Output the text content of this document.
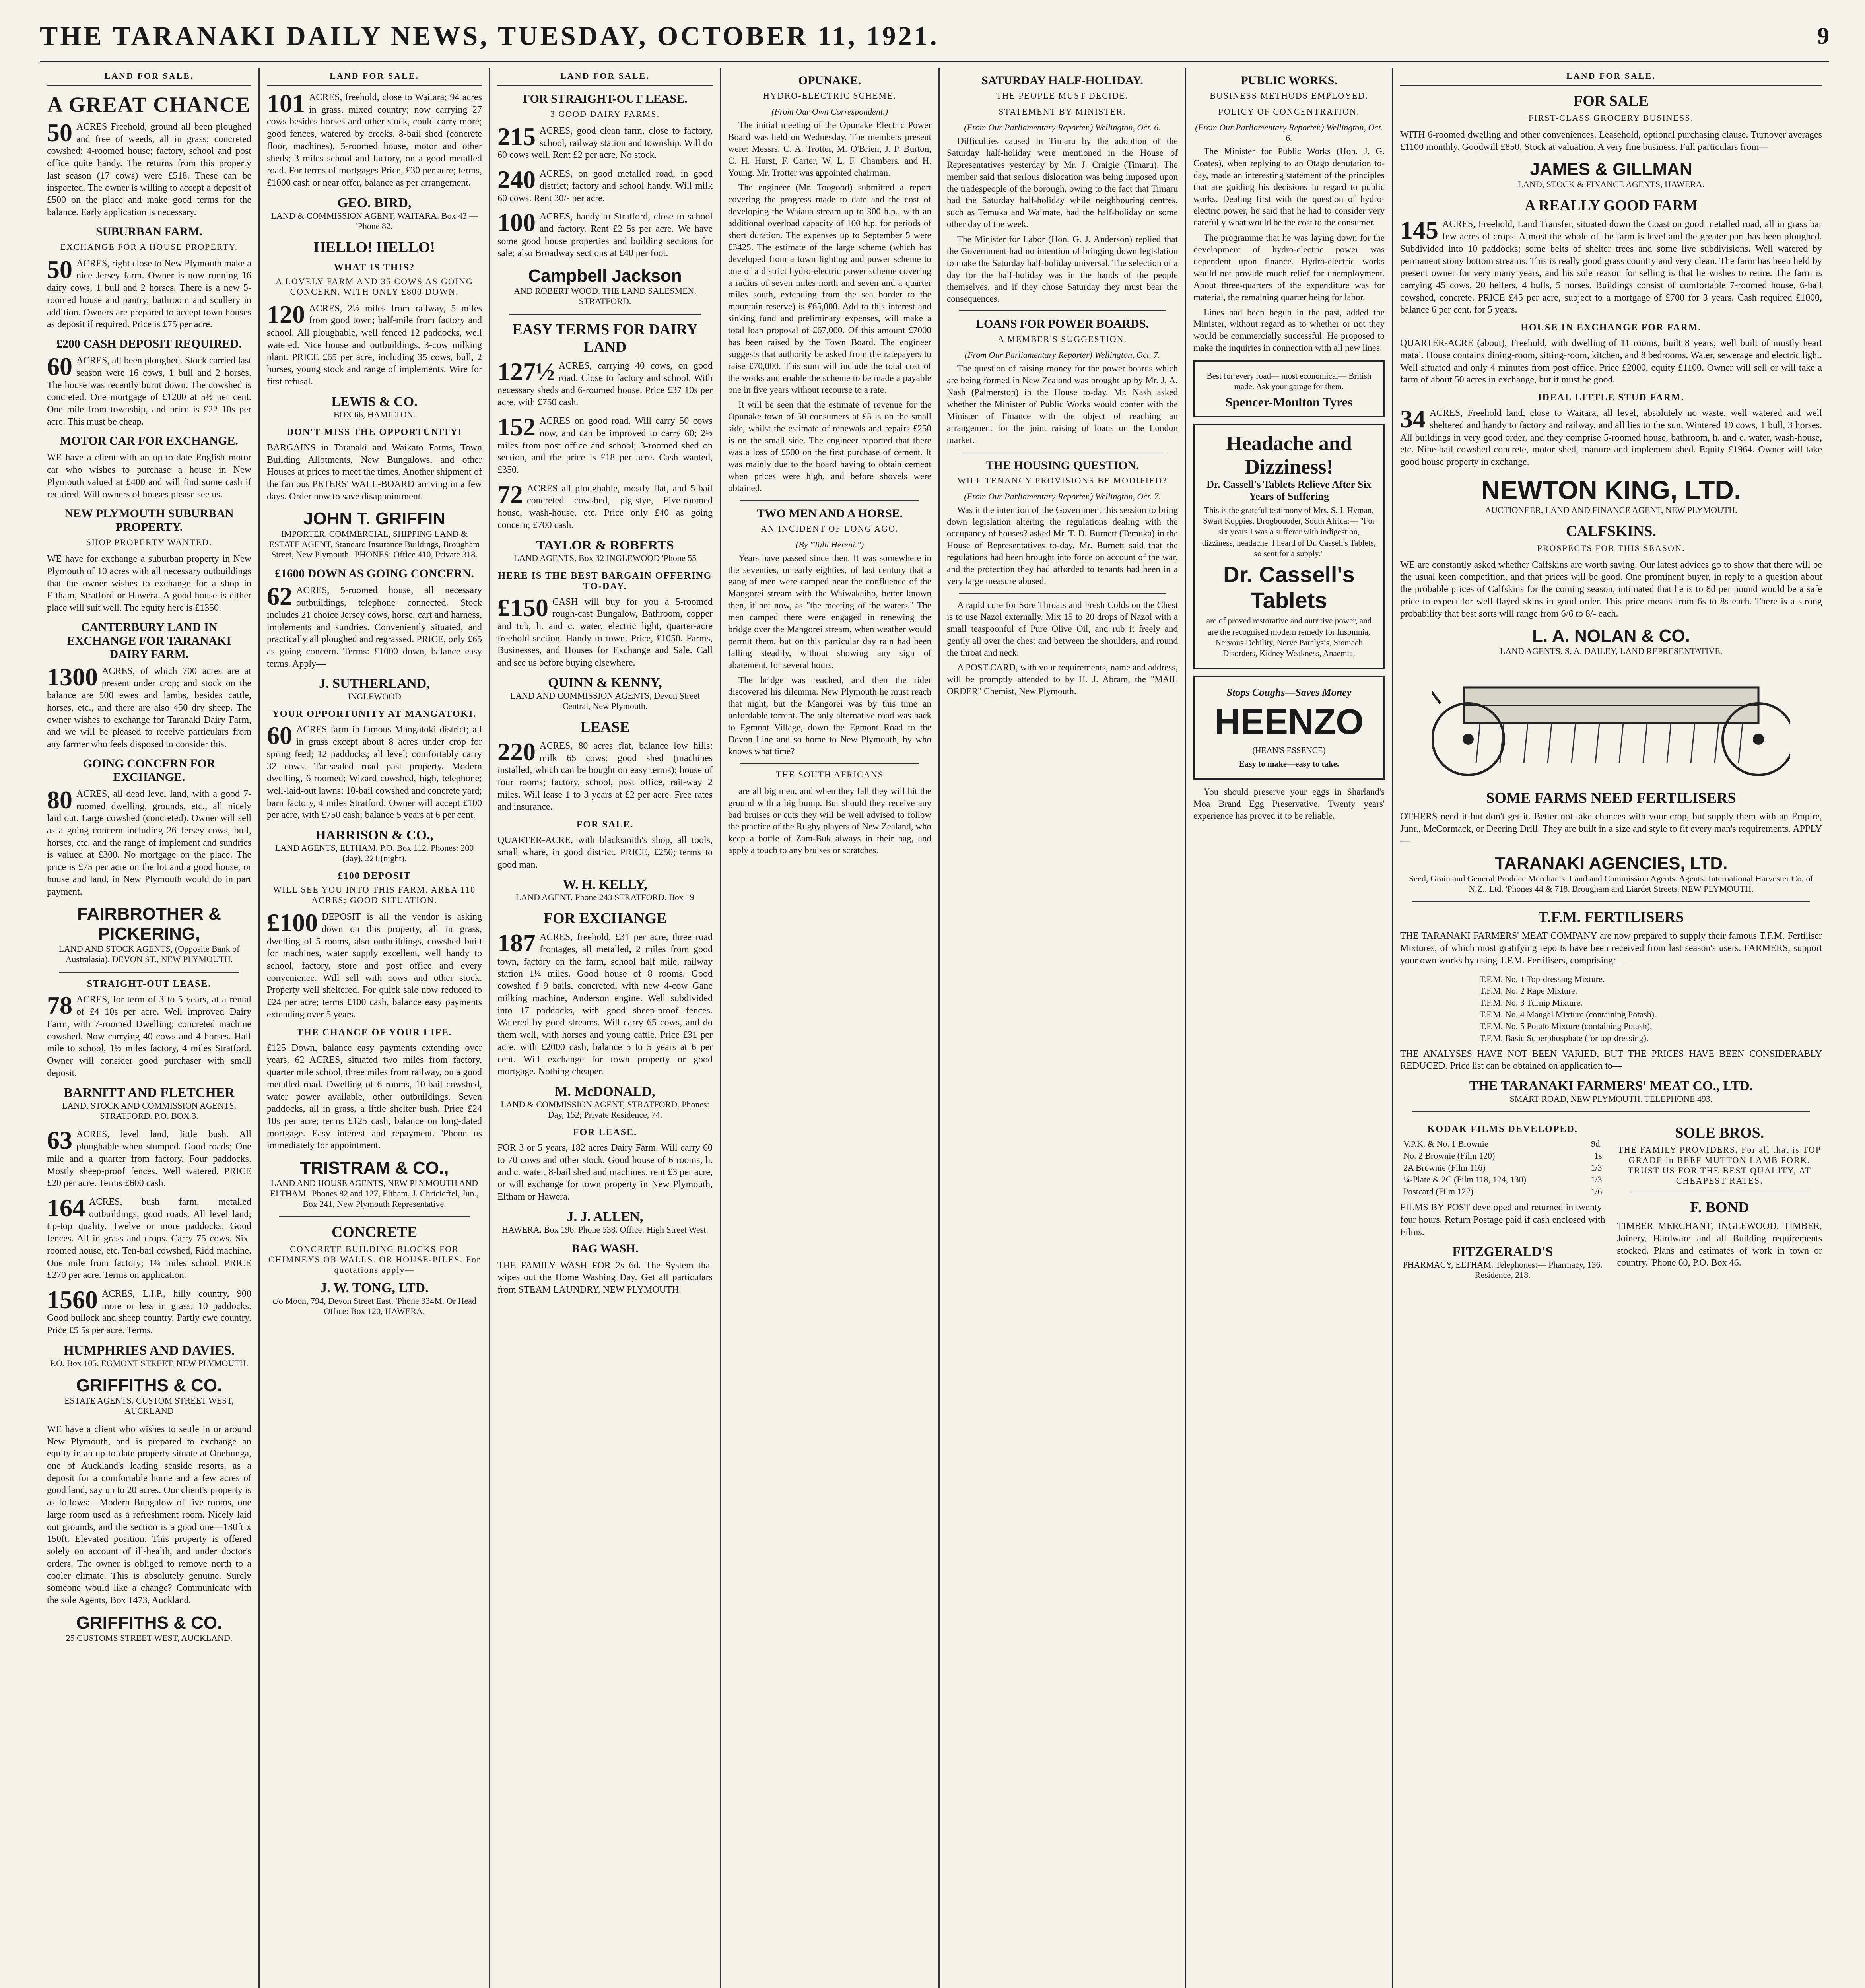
THE TARANAKI DAILY NEWS, TUESDAY, OCTOBER 11, 1921.	9
LAND FOR SALE.
A GREAT CHANCE
50 ACRES Freehold, ground all been ploughed and free of weeds, all in grass; concreted cowshed; 4-roomed house; factory, school and post office quite handy. The returns from this property last season (17 cows) were £518. These can be inspected. The owner is willing to accept a deposit of £500 on the place and make good terms for the balance. Early application is necessary.
SUBURBAN FARM.
EXCHANGE FOR A HOUSE PROPERTY.
50 ACRES, right close to New Plymouth make a nice Jersey farm. Owner is now running 16 dairy cows, 1 bull and 2 horses. There is a new 5-roomed house and pantry, bathroom and scullery in addition. Owners are prepared to accept town houses as deposit if required. Price is £75 per acre.
£200 CASH DEPOSIT REQUIRED.
60 ACRES, all been ploughed. Stock carried last season were 16 cows, 1 bull and 2 horses. The house was recently burnt down. The cowshed is concreted. One mortgage of £1200 at 5½ per cent. One mile from township, and price is £22 10s per acre. This must be cheap.
MOTOR CAR FOR EXCHANGE.
WE have a client with an up-to-date English motor car who wishes to purchase a house in New Plymouth valued at £400 and will find some cash if required. Will owners of houses please see us.
NEW PLYMOUTH SUBURBAN PROPERTY.
SHOP PROPERTY WANTED.
WE have for exchange a suburban property in New Plymouth of 10 acres with all necessary outbuildings that the owner wishes to exchange for a shop in Eltham, Stratford or Hawera. A good house is either place will suit well. The equity here is £1350.
CANTERBURY LAND IN EXCHANGE FOR TARANAKI DAIRY FARM.
1300 ACRES, of which 700 acres are at present under crop; and stock on the balance are 500 ewes and lambs, besides cattle, horses, etc., and there are also 450 dry sheep. The owner wishes to exchange for Taranaki Dairy Farm, and we will be pleased to receive particulars from any farmer who feels disposed to consider this.
GOING CONCERN FOR EXCHANGE.
80 ACRES, all dead level land, with a good 7-roomed dwelling, grounds, etc., all nicely laid out. Large cowshed (concreted). Owner will sell as a going concern including 26 Jersey cows, bull, horses, etc. and the range of implement and sundries is valued at £300. No mortgage on the place. The price is £75 per acre on the lot and a good house, or house and land, in New Plymouth would do in part payment.
FAIRBROTHER & PICKERING,
LAND AND STOCK AGENTS, (Opposite Bank of Australasia). DEVON ST., NEW PLYMOUTH.
STRAIGHT-OUT LEASE.
78 ACRES, for term of 3 to 5 years, at a rental of £4 10s per acre. Well improved Dairy Farm, with 7-roomed Dwelling; concreted machine cowshed. Now carrying 40 cows and 4 horses. Half mile to school, 1½ miles factory, 4 miles Stratford. Owner will consider good purchaser with small deposit.
BARNITT AND FLETCHER
LAND, STOCK AND COMMISSION AGENTS. STRATFORD. P.O. BOX 3.
63 ACRES, level land, little bush. All ploughable when stumped. Good roads; One mile and a quarter from factory. Four paddocks. Mostly sheep-proof fences. Well watered. PRICE £20 per acre. Terms £600 cash.
164 ACRES, bush farm, metalled outbuildings, good roads. All level land; tip-top quality. Twelve or more paddocks. Good fences. All in grass and crops. Carry 75 cows. Six-roomed house, etc. Ten-bail cowshed, Ridd machine. One mile from factory; 1¾ miles school. PRICE £270 per acre. Terms on application.
1560 ACRES, L.I.P., hilly country, 900 more or less in grass; 10 paddocks. Good bullock and sheep country. Partly ewe country. Price £5 5s per acre. Terms.
HUMPHRIES AND DAVIES.
P.O. Box 105. EGMONT STREET, NEW PLYMOUTH.
GRIFFITHS & CO.
ESTATE AGENTS. CUSTOM STREET WEST, AUCKLAND
WE have a client who wishes to settle in or around New Plymouth, and is prepared to exchange an equity in an up-to-date property situate at Onehunga, one of Auckland's leading seaside resorts, as a deposit for a comfortable home and a few acres of good land, say up to 20 acres. Our client's property is as follows:—Modern Bungalow of five rooms, one large room used as a refreshment room. Nicely laid out grounds, and the section is a good one—130ft x 150ft. Elevated position. This property is offered solely on account of ill-health, and under doctor's orders. The owner is obliged to remove north to a cooler climate. This is absolutely genuine. Surely someone would like a change? Communicate with the sole Agents, Box 1473, Auckland.
GRIFFITHS & CO.
25 CUSTOMS STREET WEST, AUCKLAND.
LAND FOR SALE.
101 ACRES, freehold, close to Waitara; 94 acres in grass, mixed country; now carrying 27 cows besides horses and other stock, could carry more; good fences, watered by creeks, 8-bail shed (concrete floor, machines), 5-roomed house, motor and other sheds; 3 miles school and factory, on a good metalled road. For terms of mortgages Price, £30 per acre; terms, £1000 cash or near offer, balance as per arrangement.
GEO. BIRD,
LAND & COMMISSION AGENT, WAITARA. Box 43 — 'Phone 82.
HELLO! HELLO!
WHAT IS THIS?
A LOVELY FARM AND 35 COWS AS GOING CONCERN, WITH ONLY £800 DOWN.
120 ACRES, 2½ miles from railway, 5 miles from good town; half-mile from factory and school. All ploughable, well fenced 12 paddocks, well watered. Nice house and outbuildings, 3-cow milking plant. PRICE £65 per acre, including 35 cows, bull, 2 horses, young stock and range of implements. Wire for first refusal.
LEWIS & CO.
BOX 66, HAMILTON.
DON'T MISS THE OPPORTUNITY!
BARGAINS in Taranaki and Waikato Farms, Town Building Allotments, New Bungalows, and other Houses at prices to meet the times. Another shipment of the famous PETERS' WALL-BOARD arriving in a few days. Order now to save disappointment.
JOHN T. GRIFFIN
IMPORTER, COMMERCIAL, SHIPPING LAND & ESTATE AGENT, Standard Insurance Buildings, Brougham Street, New Plymouth. 'PHONES: Office 410, Private 318.
£1600 DOWN AS GOING CONCERN.
62 ACRES, 5-roomed house, all necessary outbuildings, telephone connected. Stock includes 21 choice Jersey cows, horse, cart and harness, implements and sundries. Conveniently situated, and practically all ploughed and regrassed. PRICE, only £65 as going concern. Terms: £1000 down, balance easy terms. Apply—
J. SUTHERLAND,
INGLEWOOD
YOUR OPPORTUNITY AT MANGATOKI.
60 ACRES farm in famous Mangatoki district; all in grass except about 8 acres under crop for spring feed; 12 paddocks; all level; comfortably carry 32 cows. Tar-sealed road past property. Modern dwelling, 6-roomed; Wizard cowshed, high, telephone; well-laid-out lawns; 10-bail cowshed and concrete yard; barn factory, 4 miles Stratford. Owner will accept £100 per acre, with £750 cash; balance 5 years at 6 per cent.
HARRISON & CO.,
LAND AGENTS, ELTHAM. P.O. Box 112. Phones: 200 (day), 221 (night).
£100 DEPOSIT
WILL SEE YOU INTO THIS FARM. AREA 110 ACRES; GOOD SITUATION.
£100 DEPOSIT is all the vendor is asking down on this property, all in grass, dwelling of 5 rooms, also outbuildings, cowshed built for machines, water supply excellent, well handy to school, factory, store and post office and every convenience. Will sell with cows and other stock. Property well sheltered. For quick sale now reduced to £24 per acre; terms £100 cash, balance easy payments extending over 5 years.
THE CHANCE OF YOUR LIFE.
£125 Down, balance easy payments extending over years. 62 ACRES, situated two miles from factory, quarter mile school, three miles from railway, on a good metalled road. Dwelling of 6 rooms, 10-bail cowshed, water power available, other outbuildings. Seven paddocks, all in grass, a little shelter bush. Price £24 10s per acre; terms £125 cash, balance on long-dated mortgage. Easy interest and repayment. 'Phone us immediately for appointment.
TRISTRAM & CO.,
LAND AND HOUSE AGENTS, NEW PLYMOUTH AND ELTHAM. 'Phones 82 and 127, Eltham. J. Chricieffel, Jun., Box 241, New Plymouth Representative.
CONCRETE
CONCRETE BUILDING BLOCKS FOR CHIMNEYS OR WALLS. OR HOUSE-PILES. For quotations apply—
J. W. TONG, LTD.
c/o Moon, 794, Devon Street East. 'Phone 334M. Or Head Office: Box 120, HAWERA.
LAND FOR SALE.
FOR STRAIGHT-OUT LEASE.
3 GOOD DAIRY FARMS.
215 ACRES, good clean farm, close to factory, school, railway station and township. Will do 60 cows well. Rent £2 per acre. No stock.
240 ACRES, on good metalled road, in good district; factory and school handy. Will milk 60 cows. Rent 30/- per acre.
100 ACRES, handy to Stratford, close to school and factory. Rent £2 5s per acre. We have some good house properties and building sections for sale; also Broadway sections at £40 per foot.
Campbell Jackson
AND ROBERT WOOD. THE LAND SALESMEN, STRATFORD.
EASY TERMS FOR DAIRY LAND
127½ ACRES, carrying 40 cows, on good road. Close to factory and school. With necessary sheds and 6-roomed house. Price £37 10s per acre, with £750 cash.
152 ACRES on good road. Will carry 50 cows now, and can be improved to carry 60; 2½ miles from post office and school; 3-roomed shed on section, and the price is £18 per acre. Cash wanted, £350.
72 ACRES all ploughable, mostly flat, and 5-bail concreted cowshed, pig-stye, Five-roomed house, wash-house, etc. Price only £40 as going concern; £700 cash.
TAYLOR & ROBERTS
LAND AGENTS, Box 32 INGLEWOOD 'Phone 55
HERE IS THE BEST BARGAIN OFFERING TO-DAY.
£150 CASH will buy for you a 5-roomed rough-cast Bungalow, Bathroom, copper and tub, h. and c. water, electric light, quarter-acre freehold section. Handy to town. Price, £1050. Farms, Businesses, and Houses for Exchange and Sale. Call and see us before buying elsewhere.
QUINN & KENNY,
LAND AND COMMISSION AGENTS, Devon Street Central, New Plymouth.
LEASE
220 ACRES, 80 acres flat, balance low hills; milk 65 cows; good shed (machines installed, which can be bought on easy terms); house of four rooms; factory, school, post office, rail-way 2 miles. Will lease 1 to 3 years at £2 per acre. Free rates and insurance.
FOR SALE.
QUARTER-ACRE, with blacksmith's shop, all tools, small whare, in good district. PRICE, £250; terms to good man.
W. H. KELLY,
LAND AGENT, Phone 243 STRATFORD. Box 19
FOR EXCHANGE
187 ACRES, freehold, £31 per acre, three road frontages, all metalled, 2 miles from good town, factory on the farm, school half mile, railway station 1¼ miles. Good house of 8 rooms. Good cowshed f 9 bails, concreted, with new 4-cow Gane milking machine, Anderson engine. Well subdivided into 17 paddocks, with good sheep-proof fences. Watered by good streams. Will carry 65 cows, and do them well, with horses and young cattle. Price £31 per acre, with £2000 cash, balance 5 to 5 years at 6 per cent. Will exchange for town property or good mortgage. Nothing cheaper.
M. McDONALD,
LAND & COMMISSION AGENT, STRATFORD. Phones: Day, 152; Private Residence, 74.
FOR LEASE.
FOR 3 or 5 years, 182 acres Dairy Farm. Will carry 60 to 70 cows and other stock. Good house of 6 rooms, h. and c. water, 8-bail shed and machines, rent £3 per acre, or will exchange for town property in New Plymouth, Eltham or Hawera.
J. J. ALLEN,
HAWERA. Box 196. Phone 538. Office: High Street West.
BAG WASH.
THE FAMILY WASH FOR 2s 6d. The System that wipes out the Home Washing Day. Get all particulars from STEAM LAUNDRY, NEW PLYMOUTH.
OPUNAKE.
HYDRO-ELECTRIC SCHEME.
(From Our Own Correspondent.)

The initial meeting of the Opunake Electric Power Board was held on Wednesday. The members present were: Messrs. C. A. Trotter, M. O'Brien, J. P. Burton, C. H. Hurst, F. Carter, W. L. F. Chambers, and H. Young. Mr. Trotter was appointed chairman.

The engineer (Mr. Toogood) submitted a report covering the progress made to date and the cost of developing the Waiaua stream up to 300 h.p., with an additional overload capacity of 100 h.p. for periods of short duration. The expenses up to September 5 were £3425. The estimate of the large scheme (which has developed from a town lighting and power scheme to one of a district hydro-electric power scheme covering a radius of seven miles north and seven and a quarter miles south, extending from the sea border to the mountain reserve) is £65,000. Add to this interest and sinking fund and preliminary expenses, will make a total loan proposal of £67,000. Of this amount £7000 has been raised by the Town Board. The engineer suggests that authority be asked from the ratepayers to raise £70,000. This sum will include the total cost of the works and enable the scheme to be made a payable one in five years without recourse to a rate.

It will be seen that the estimate of revenue for the Opunake town of 50 consumers at £5 is on the small side, whilst the estimate of renewals and repairs £250 is on the small side. The engineer reported that there was a loss of £500 on the first purchase of cement. It was mainly due to the board having to obtain cement when prices were high, and before shovels were obtained.

TWO MEN AND A HORSE.
AN INCIDENT OF LONG AGO.
(By "Tahi Hereni.")

Years have passed since then. It was somewhere in the seventies, or early eighties, of last century that a gang of men were camped near the confluence of the Mangorei stream with the Waiwakaiho, better known then, if not now, as "the meeting of the waters." The men camped there were engaged in renewing the bridge over the Mangorei stream, when weather would permit them, but on this particular day rain had been falling steadily, without showing any sign of abatement, for several hours.

The bridge was reached, and then the rider discovered his dilemma. New Plymouth he must reach that night, but the Mangorei was by this time an unfordable torrent. The only alternative road was back to Egmont Village, down the Egmont Road to the Devon Line and so home to New Plymouth, by who knows what time?

THE SOUTH AFRICANS

are all big men, and when they fall they will hit the ground with a big bump. But should they receive any bad bruises or cuts they will be well advised to follow the practice of the Rugby players of New Zealand, who keep a bottle of Zam-Buk always in their bag, and apply a touch to any bruises or scratches.

SATURDAY HALF-HOLIDAY.
THE PEOPLE MUST DECIDE.
STATEMENT BY MINISTER.
(From Our Parliamentary Reporter.) Wellington, Oct. 6.

Difficulties caused in Timaru by the adoption of the Saturday half-holiday were mentioned in the House of Representatives yesterday by Mr. J. Craigie (Timaru). The member said that serious dislocation was being imposed upon the tradespeople of the borough, owing to the fact that Timaru had the Saturday half-holiday while neighbouring centres, such as Temuka and Waimate, had the half-holiday on some other day of the week.

The Minister for Labor (Hon. G. J. Anderson) replied that the Government had no intention of bringing down legislation to make the Saturday half-holiday universal. The selection of a day for the half-holiday was in the hands of the people themselves, and if they chose Saturday they must bear the consequences.

LOANS FOR POWER BOARDS.
A MEMBER'S SUGGESTION.
(From Our Parliamentary Reporter) Wellington, Oct. 7.

The question of raising money for the power boards which are being formed in New Zealand was brought up by Mr. J. A. Nash (Palmerston) in the House to-day. Mr. Nash asked whether the Minister of Public Works would confer with the Minister of Finance with the object of reaching an arrangement for the joint raising of loans on the London market.

THE HOUSING QUESTION.
WILL TENANCY PROVISIONS BE MODIFIED?
(From Our Parliamentary Reporter.) Wellington, Oct. 7.

Was it the intention of the Government this session to bring down legislation altering the regulations dealing with the occupancy of houses? asked Mr. T. D. Burnett (Temuka) in the House of Representatives to-day. Mr. Burnett said that the regulations had been brought into force on account of the war, and the protection they had afforded to tenants had been in a very large measure abused.

A rapid cure for Sore Throats and Fresh Colds on the Chest is to use Nazol externally. Mix 15 to 20 drops of Nazol with a small teaspoonful of Pure Olive Oil, and rub it freely and gently all over the chest and between the shoulders, and round the throat and neck.

A POST CARD, with your requirements, name and address, will be promptly attended to by H. J. Abram, the "MAIL ORDER" Chemist, New Plymouth.

PUBLIC WORKS.
BUSINESS METHODS EMPLOYED.
POLICY OF CONCENTRATION.
(From Our Parliamentary Reporter.) Wellington, Oct. 6.

The Minister for Public Works (Hon. J. G. Coates), when replying to an Otago deputation to-day, made an interesting statement of the principles that are guiding his decisions in regard to public works. Dealing first with the question of hydro-electric power, he said that he had to consider very carefully what would be the cost to the consumer.

The programme that he was laying down for the development of hydro-electric power was dependent upon finance. Hydro-electric works would not provide much relief for unemployment. About three-quarters of the expenditure was for material, the remaining quarter being for labor.

Lines had been begun in the past, added the Minister, without regard as to whether or not they would be commercially successful. He proposed to make the inquiries in connection with all new lines.

Best for every road— most economical— British made. Ask your garage for them.

Spencer-Moulton Tyres
Headache and Dizziness!
Dr. Cassell's Tablets Relieve After Six Years of Suffering

This is the grateful testimony of Mrs. S. J. Hyman, Swart Koppies, Drogbouoder, South Africa:— "For six years I was a sufferer with indigestion, dizziness, headache. I heard of Dr. Cassell's Tablets, so sent for a supply."

Dr. Cassell's Tablets

are of proved restorative and nutritive power, and are the recognised modern remedy for Insomnia, Nervous Debility, Nerve Paralysis, Stomach Disorders, Kidney Weakness, Anaemia.

Stops Coughs—Saves Money

HEENZO

(HEAN'S ESSENCE)

Easy to make—easy to take.

You should preserve your eggs in Sharland's Moa Brand Egg Preservative. Twenty years' experience has proved it to be reliable.

LAND FOR SALE.
FOR SALE
FIRST-CLASS GROCERY BUSINESS.
WITH 6-roomed dwelling and other conveniences. Leasehold, optional purchasing clause. Turnover averages £1100 monthly. Goodwill £850. Stock at valuation. A very fine business. Full particulars from—
JAMES & GILLMAN
LAND, STOCK & FINANCE AGENTS, HAWERA.
A REALLY GOOD FARM
145 ACRES, Freehold, Land Transfer, situated down the Coast on good metalled road, all in grass bar few acres of crops. Almost the whole of the farm is level and the greater part has been ploughed. Subdivided into 10 paddocks; some belts of shelter trees and some live subdivisions. Well watered by permanent stony bottom streams. This is really good grass country and very clean. The farm has been held by present owner for very many years, and his sole reason for selling is that he wishes to retire. The farm is carrying 45 cows, 20 heifers, 4 bulls, 5 horses. Buildings consist of comfortable 7-roomed house, 6-bail cowshed, concrete. PRICE £45 per acre, subject to a mortgage of £700 for 3 years. Cash required £1000, balance 6 per cent. for 5 years.
HOUSE IN EXCHANGE FOR FARM.
QUARTER-ACRE (about), Freehold, with dwelling of 11 rooms, built 8 years; well built of mostly heart matai. House contains dining-room, sitting-room, kitchen, and 8 bedrooms. Water, sewerage and electric light. Well situated and only 4 minutes from post office. Price £2000, equity £1100. Owner will sell or will take a farm of about 50 acres in exchange, but it must be good.
IDEAL LITTLE STUD FARM.
34 ACRES, Freehold land, close to Waitara, all level, absolutely no waste, well watered and well sheltered and handy to factory and railway, and all lies to the sun. Wintered 19 cows, 1 bull, 3 horses. All buildings in very good order, and they comprise 5-roomed house, bathroom, h. and c. water, wash-house, etc. Nine-bail cowshed concrete, motor shed, manure and implement shed. Equity £1964. Owner will take good house property in exchange.
NEWTON KING, LTD.
AUCTIONEER, LAND AND FINANCE AGENT, NEW PLYMOUTH.
CALFSKINS.
PROSPECTS FOR THIS SEASON.
WE are constantly asked whether Calfskins are worth saving. Our latest advices go to show that there will be the usual keen competition, and that prices will be good. One prominent buyer, in reply to a question about the probable prices of Calfskins for the coming season, intimated that he is to 8d per pound would be a safe price to expect for well-flayed skins in good order. This price means from 6s to 8s each. There is a strong probability that best sorts will range from 6/6 to 8/- each.
L. A. NOLAN & CO.
LAND AGENTS. S. A. DAILEY, LAND REPRESENTATIVE.
SOME FARMS NEED FERTILISERS
OTHERS need it but don't get it. Better not take chances with your crop, but supply them with an Empire, Junr., McCormack, or Deering Drill. They are built in a size and style to fit every man's requirements. APPLY—
TARANAKI AGENCIES, LTD.
Seed, Grain and General Produce Merchants. Land and Commission Agents. Agents: International Harvester Co. of N.Z., Ltd. 'Phones 44 & 718. Brougham and Liardet Streets. NEW PLYMOUTH.
T.F.M. FERTILISERS
THE TARANAKI FARMERS' MEAT COMPANY are now prepared to supply their famous T.F.M. Fertiliser Mixtures, of which most gratifying reports have been received from last season's users. FARMERS, support your own works by using T.F.M. Fertilisers, comprising:—
T.F.M. No. 1 Top-dressing Mixture.
T.F.M. No. 2 Rape Mixture.
T.F.M. No. 3 Turnip Mixture.
T.F.M. No. 4 Mangel Mixture (containing Potash).
T.F.M. No. 5 Potato Mixture (containing Potash).
T.F.M. Basic Superphosphate (for top-dressing).
THE ANALYSES HAVE NOT BEEN VARIED, BUT THE PRICES HAVE BEEN CONSIDERABLY REDUCED. Price list can be obtained on application to—
THE TARANAKI FARMERS' MEAT CO., LTD.
SMART ROAD, NEW PLYMOUTH. TELEPHONE 493.
KODAK FILMS DEVELOPED,
V.P.K. & No. 1 Brownie	9d.
No. 2 Brownie (Film 120)	1s
2A Brownie (Film 116)	1/3
¼-Plate & 2C (Film 118, 124, 130)	1/3
Postcard (Film 122)	1/6
FILMS BY POST developed and returned in twenty-four hours. Return Postage paid if cash enclosed with Films.
FITZGERALD'S
PHARMACY, ELTHAM. Telephones:— Pharmacy, 136. Residence, 218.
SOLE BROS.
THE FAMILY PROVIDERS, For all that is TOP GRADE in BEEF MUTTON LAMB PORK. TRUST US FOR THE BEST QUALITY, AT CHEAPEST RATES.
F. BOND
TIMBER MERCHANT, INGLEWOOD. TIMBER, Joinery, Hardware and all Building requirements stocked. Plans and estimates of work in town or country. 'Phone 60, P.O. Box 46.
